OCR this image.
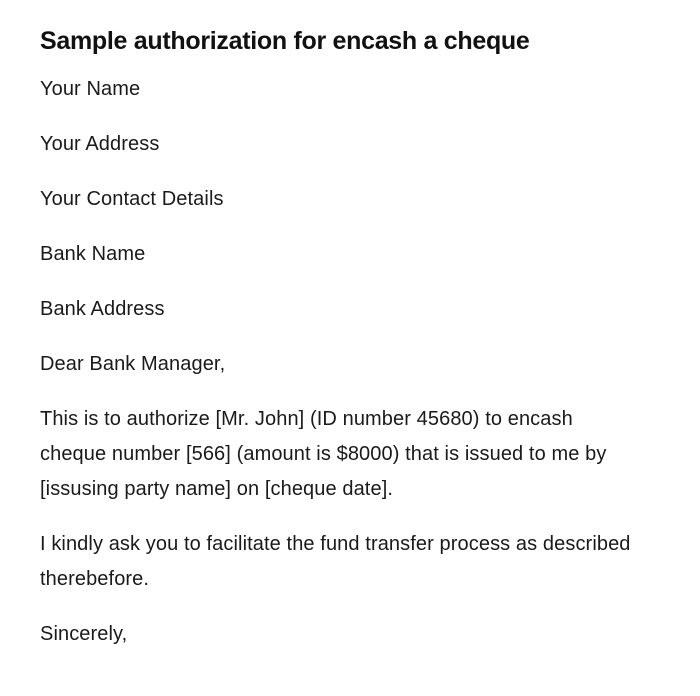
Sample authorization for encash a cheque

Your Name

Your Address

Your Contact Details

Bank Name

Bank Address

Dear Bank Manager,

This is to authorize [Mr. John] (ID number 45680) to encash cheque number [566] (amount is $8000) that is issued to me by [issusing party name] on [cheque date].

I kindly ask you to facilitate the fund transfer process as described therebefore.

Sincerely,
